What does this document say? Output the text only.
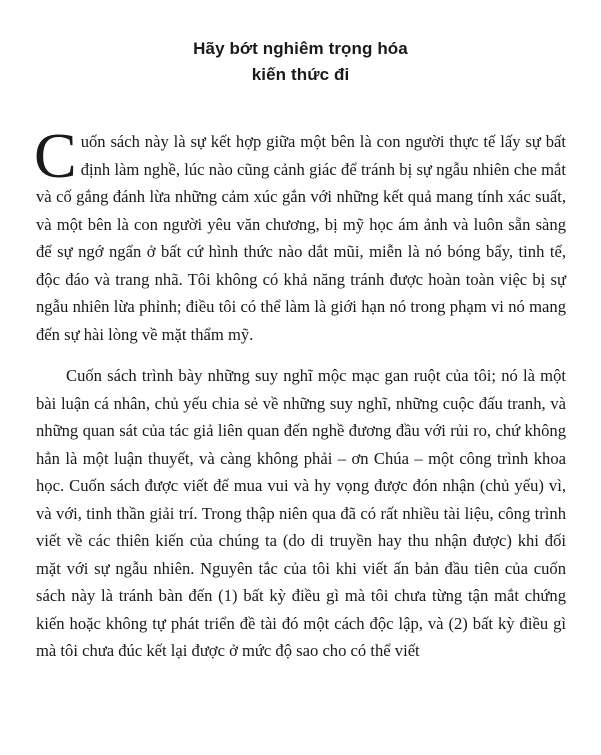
Hãy bớt nghiêm trọng hóa
kiến thức đi

Cuốn sách này là sự kết hợp giữa một bên là con người thực tế lấy sự bất định làm nghề, lúc nào cũng cảnh giác để tránh bị sự ngẫu nhiên che mắt và cố gắng đánh lừa những cảm xúc gắn với những kết quả mang tính xác suất, và một bên là con người yêu văn chương, bị mỹ học ám ảnh và luôn sẵn sàng để sự ngớ ngẩn ở bất cứ hình thức nào dắt mũi, miễn là nó bóng bẩy, tinh tế, độc đáo và trang nhã. Tôi không có khả năng tránh được hoàn toàn việc bị sự ngẫu nhiên lừa phỉnh; điều tôi có thể làm là giới hạn nó trong phạm vi nó mang đến sự hài lòng về mặt thẩm mỹ.

Cuốn sách trình bày những suy nghĩ mộc mạc gan ruột của tôi; nó là một bài luận cá nhân, chủ yếu chia sẻ về những suy nghĩ, những cuộc đấu tranh, và những quan sát của tác giả liên quan đến nghề đương đầu với rủi ro, chứ không hẳn là một luận thuyết, và càng không phải – ơn Chúa – một công trình khoa học. Cuốn sách được viết để mua vui và hy vọng được đón nhận (chủ yếu) vì, và với, tinh thần giải trí. Trong thập niên qua đã có rất nhiều tài liệu, công trình viết về các thiên kiến của chúng ta (do di truyền hay thu nhận được) khi đối mặt với sự ngẫu nhiên. Nguyên tắc của tôi khi viết ấn bản đầu tiên của cuốn sách này là tránh bàn đến (1) bất kỳ điều gì mà tôi chưa từng tận mắt chứng kiến hoặc không tự phát triển đề tài đó một cách độc lập, và (2) bất kỳ điều gì mà tôi chưa đúc kết lại được ở mức độ sao cho có thể viết
